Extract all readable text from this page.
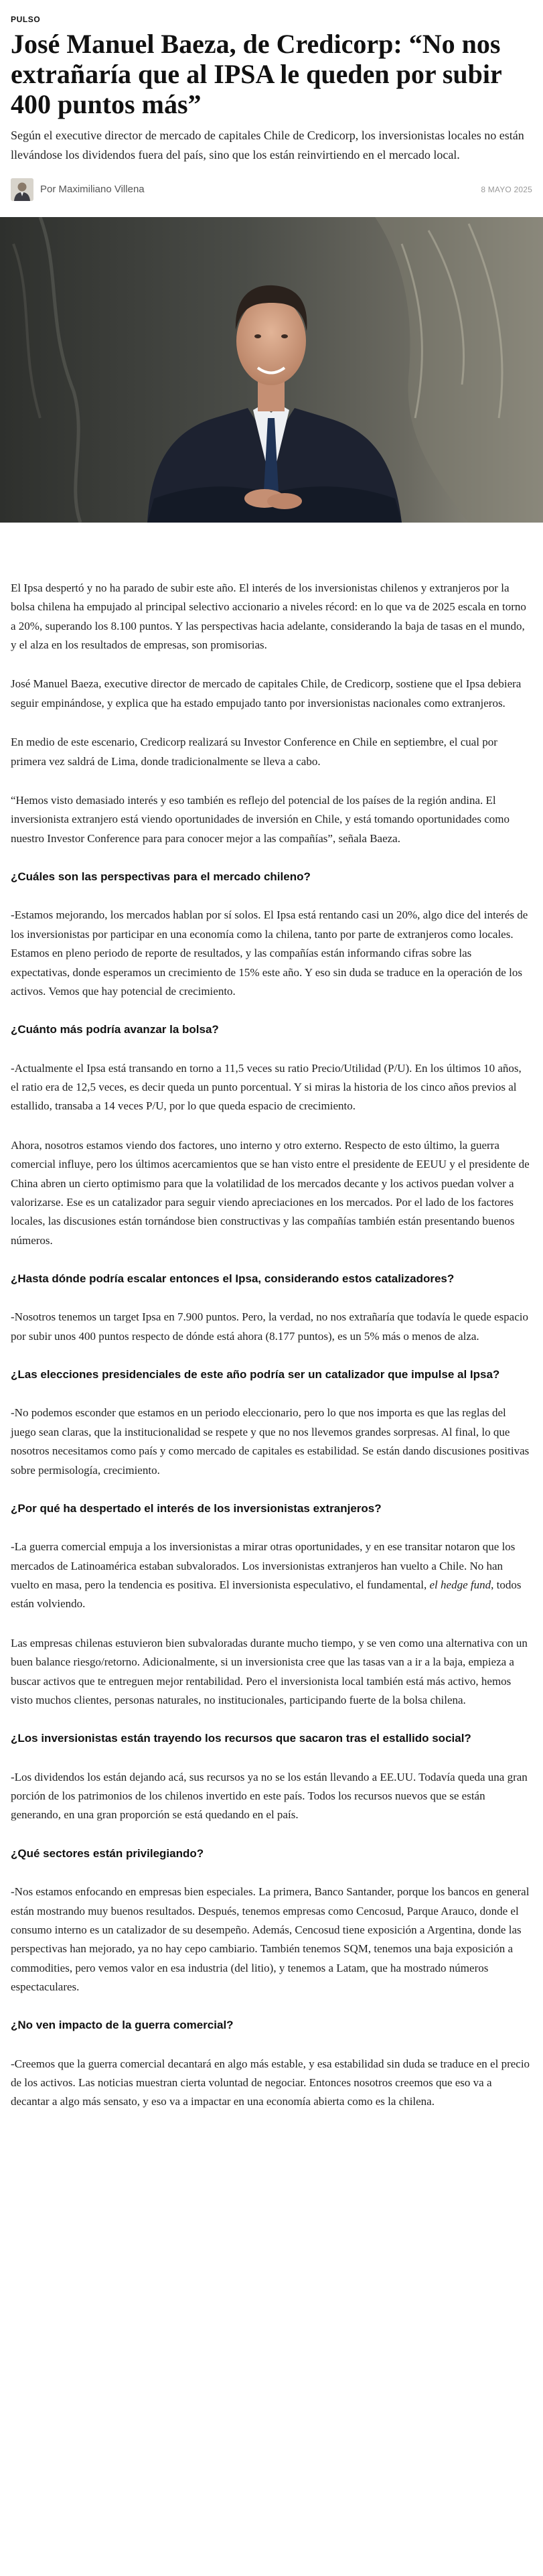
PULSO
José Manuel Baeza, de Credicorp: “No nos extrañaría que al IPSA le queden por subir 400 puntos más”

Según el executive director de mercado de capitales Chile de Credicorp, los inversionistas locales no están llevándose los dividendos fuera del país, sino que los están reinvirtiendo en el mercado local.

Por Maximiliano Villena	8 MAYO 2025

El Ipsa despertó y no ha parado de subir este año. El interés de los inversionistas chilenos y extranjeros por la bolsa chilena ha empujado al principal selectivo accionario a niveles récord: en lo que va de 2025 escala en torno a 20%, superando los 8.100 puntos. Y las perspectivas hacia adelante, considerando la baja de tasas en el mundo, y el alza en los resultados de empresas, son promisorias.

José Manuel Baeza, executive director de mercado de capitales Chile, de Credicorp, sostiene que el Ipsa debiera seguir empinándose, y explica que ha estado empujado tanto por inversionistas nacionales como extranjeros.

En medio de este escenario, Credicorp realizará su Investor Conference en Chile en septiembre, el cual por primera vez saldrá de Lima, donde tradicionalmente se lleva a cabo.

“Hemos visto demasiado interés y eso también es reflejo del potencial de los países de la región andina. El inversionista extranjero está viendo oportunidades de inversión en Chile, y está tomando oportunidades como nuestro Investor Conference para para conocer mejor a las compañías”, señala Baeza.

¿Cuáles son las perspectivas para el mercado chileno?

-Estamos mejorando, los mercados hablan por sí solos. El Ipsa está rentando casi un 20%, algo dice del interés de los inversionistas por participar en una economía como la chilena, tanto por parte de extranjeros como locales. Estamos en pleno periodo de reporte de resultados, y las compañías están informando cifras sobre las expectativas, donde esperamos un crecimiento de 15% este año. Y eso sin duda se traduce en la operación de los activos. Vemos que hay potencial de crecimiento.

¿Cuánto más podría avanzar la bolsa?

-Actualmente el Ipsa está transando en torno a 11,5 veces su ratio Precio/Utilidad (P/U). En los últimos 10 años, el ratio era de 12,5 veces, es decir queda un punto porcentual. Y si miras la historia de los cinco años previos al estallido, transaba a 14 veces P/U, por lo que queda espacio de crecimiento.

Ahora, nosotros estamos viendo dos factores, uno interno y otro externo. Respecto de esto último, la guerra comercial influye, pero los últimos acercamientos que se han visto entre el presidente de EEUU y el presidente de China abren un cierto optimismo para que la volatilidad de los mercados decante y los activos puedan volver a valorizarse. Ese es un catalizador para seguir viendo apreciaciones en los mercados. Por el lado de los factores locales, las discusiones están tornándose bien constructivas y las compañías también están presentando buenos números.

¿Hasta dónde podría escalar entonces el Ipsa, considerando estos catalizadores?

-Nosotros tenemos un target Ipsa en 7.900 puntos. Pero, la verdad, no nos extrañaría que todavía le quede espacio por subir unos 400 puntos respecto de dónde está ahora (8.177 puntos), es un 5% más o menos de alza.

¿Las elecciones presidenciales de este año podría ser un catalizador que impulse al Ipsa?

-No podemos esconder que estamos en un periodo eleccionario, pero lo que nos importa es que las reglas del juego sean claras, que la institucionalidad se respete y que no nos llevemos grandes sorpresas. Al final, lo que nosotros necesitamos como país y como mercado de capitales es estabilidad. Se están dando discusiones positivas sobre permisología, crecimiento.

¿Por qué ha despertado el interés de los inversionistas extranjeros?

-La guerra comercial empuja a los inversionistas a mirar otras oportunidades, y en ese transitar notaron que los mercados de Latinoamérica estaban subvalorados. Los inversionistas extranjeros han vuelto a Chile. No han vuelto en masa, pero la tendencia es positiva. El inversionista especulativo, el fundamental, el hedge fund, todos están volviendo.

Las empresas chilenas estuvieron bien subvaloradas durante mucho tiempo, y se ven como una alternativa con un buen balance riesgo/retorno. Adicionalmente, si un inversionista cree que las tasas van a ir a la baja, empieza a buscar activos que te entreguen mejor rentabilidad. Pero el inversionista local también está más activo, hemos visto muchos clientes, personas naturales, no institucionales, participando fuerte de la bolsa chilena.

¿Los inversionistas están trayendo los recursos que sacaron tras el estallido social?

-Los dividendos los están dejando acá, sus recursos ya no se los están llevando a EE.UU. Todavía queda una gran porción de los patrimonios de los chilenos invertido en este país. Todos los recursos nuevos que se están generando, en una gran proporción se está quedando en el país.

¿Qué sectores están privilegiando?

-Nos estamos enfocando en empresas bien especiales. La primera, Banco Santander, porque los bancos en general están mostrando muy buenos resultados. Después, tenemos empresas como Cencosud, Parque Arauco, donde el consumo interno es un catalizador de su desempeño. Además, Cencosud tiene exposición a Argentina, donde las perspectivas han mejorado, ya no hay cepo cambiario. También tenemos SQM, tenemos una baja exposición a commodities, pero vemos valor en esa industria (del litio), y tenemos a Latam, que ha mostrado números espectaculares.

¿No ven impacto de la guerra comercial?

-Creemos que la guerra comercial decantará en algo más estable, y esa estabilidad sin duda se traduce en el precio de los activos. Las noticias muestran cierta voluntad de negociar. Entonces nosotros creemos que eso va a decantar a algo más sensato, y eso va a impactar en una economía abierta como es la chilena.
